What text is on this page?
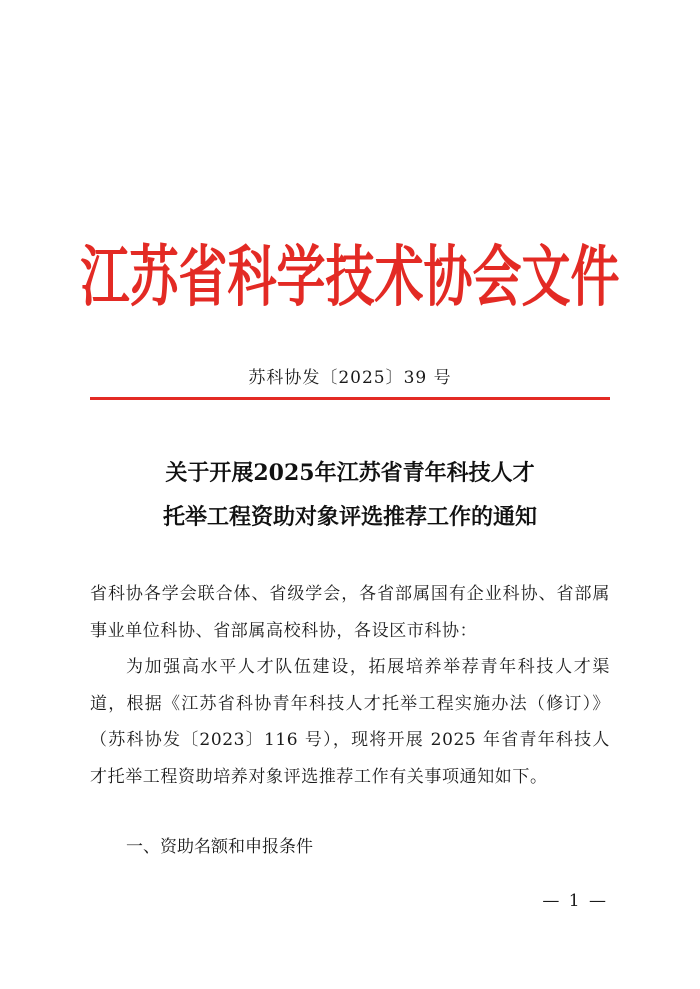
江苏省科学技术协会文件
苏科协发〔2025〕39 号
关于开展2025年江苏省青年科技人才
托举工程资助对象评选推荐工作的通知
省科协各学会联合体、省级学会，各省部属国有企业科协、省部属事业单位科协、省部属高校科协，各设区市科协：
为加强高水平人才队伍建设，拓展培养举荐青年科技人才渠道，根据《江苏省科协青年科技人才托举工程实施办法（修订）》（苏科协发〔2023〕116 号），现将开展 2025 年省青年科技人才托举工程资助培养对象评选推荐工作有关事项通知如下。
一、资助名额和申报条件
— 1 —
